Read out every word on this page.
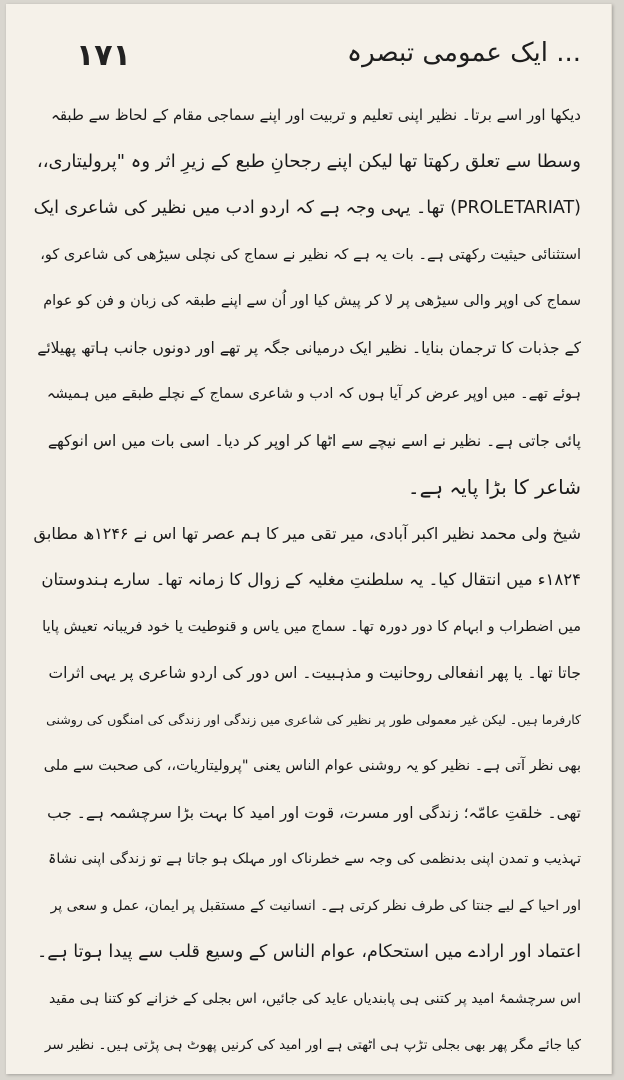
۱۷۱	... ایک عمومی تبصرہ
دیکھا اور اسے برتا۔ نظیر اپنی تعلیم و تربیت اور اپنے سماجی مقام کے لحاظ سے طبقہ
وسطا سے تعلق رکھتا تھا لیکن اپنے رجحانِ طبع کے زیرِ اثر وہ "پرولیتاری،،
(PROLETARIAT) تھا۔ یہی وجہ ہے کہ اردو ادب میں نظیر کی شاعری ایک
استثنائی حیثیت رکھتی ہے۔ بات یہ ہے کہ نظیر نے سماج کی نچلی سیڑھی کی شاعری کو،
سماج کی اوپر والی سیڑھی پر لا کر پیش کیا اور اُن سے اپنے طبقہ کی زبان و فن کو عوام
کے جذبات کا ترجمان بنایا۔ نظیر ایک درمیانی جگہ پر تھے اور دونوں جانب ہاتھ پھیلائے
ہوئے تھے۔ میں اوپر عرض کر آیا ہوں کہ ادب و شاعری سماج کے نچلے طبقے میں ہمیشہ
پائی جاتی ہے۔ نظیر نے اسے نیچے سے اٹھا کر اوپر کر دیا۔ اسی بات میں اس انوکھے
شاعر کا بڑا پایہ ہے۔
شیخ ولی محمد نظیر اکبر آبادی، میر تقی میر کا ہم عصر تھا اس نے ۱۲۴۶ھ مطابق
۱۸۲۴ء میں انتقال کیا۔ یہ سلطنتِ مغلیہ کے زوال کا زمانہ تھا۔ سارے ہندوستان
میں اضطراب و ابہام کا دور دورہ تھا۔ سماج میں یاس و قنوطیت یا خود فریبانہ تعیش پایا
جاتا تھا۔ یا پھر انفعالی روحانیت و مذہبیت۔ اس دور کی اردو شاعری پر یہی اثرات
کارفرما ہیں۔ لیکن غیر معمولی طور پر نظیر کی شاعری میں زندگی اور زندگی کی امنگوں کی روشنی
بھی نظر آتی ہے۔ نظیر کو یہ روشنی عوام الناس یعنی "پرولیتاریات،، کی صحبت سے ملی
تھی۔ خلقتِ عامّہ؛ زندگی اور مسرت، قوت اور امید کا بہت بڑا سرچشمہ ہے۔ جب
تہذیب و تمدن اپنی بدنظمی کی وجہ سے خطرناک اور مہلک ہو جاتا ہے تو زندگی اپنی نشاۃ
اور احیا کے لیے جنتا کی طرف نظر کرتی ہے۔ انسانیت کے مستقبل پر ایمان، عمل و سعی پر
اعتماد اور ارادے میں استحکام، عوام الناس کے وسیع قلب سے پیدا ہوتا ہے۔
اس سرچشمۂ امید پر کتنی ہی پابندیاں عاید کی جائیں، اس بجلی کے خزانے کو کتنا ہی مقید
کیا جائے مگر پھر بھی بجلی تڑپ ہی اٹھتی ہے اور امید کی کرنیں پھوٹ ہی پڑتی ہیں۔ نظیر سر
